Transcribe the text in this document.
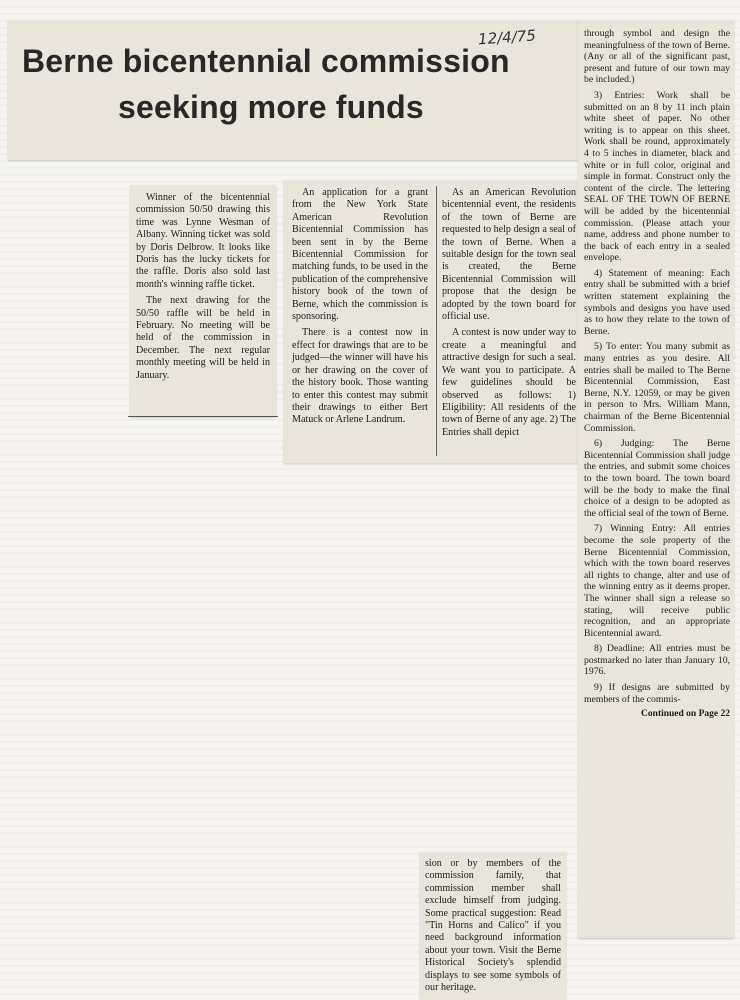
12/4/75
Berne bicentennial commission
seeking more funds

Winner of the bicentennial commission 50/50 drawing this time was Lynne Wesman of Albany. Winning ticket was sold by Doris Delbrow. It looks like Doris has the lucky tickets for the raffle. Doris also sold last month's winning raffle ticket.

The next drawing for the 50/50 raffle will be held in February. No meeting will be held of the commission in December. The next regular monthly meeting will be held in January.

An application for a grant from the New York State American Revolution Bicentennial Commission has been sent in by the Berne Bicentennial Commission for matching funds, to be used in the publication of the comprehensive history book of the town of Berne, which the commission is sponsoring.

There is a contest now in effect for drawings that are to be judged—the winner will have his or her drawing on the cover of the history book. Those wanting to enter this contest may submit their drawings to either Bert Matuck or Arlene Landrum.

As an American Revolution bicentennial event, the residents of the town of Berne are requested to help design a seal of the town of Berne. When a suitable design for the town seal is created, the Berne Bicentennial Commission will propose that the design be adopted by the town board for official use.

A contest is now under way to create a meaningful and attractive design for such a seal. We want you to participate. A few guidelines should be observed as follows: 1) Eligibility: All residents of the town of Berne of any age. 2) The Entries shall depict

sion or by members of the commission family, that commission member shall exclude himself from judging. Some practical suggestion: Read "Tin Horns and Calico" if you need background information about your town. Visit the Berne Historical Society's splendid displays to see some symbols of our heritage.

through symbol and design the meaningfulness of the town of Berne. (Any or all of the significant past, present and future of our town may be included.)

3) Entries: Work shall be submitted on an 8 by 11 inch plain white sheet of paper. No other writing is to appear on this sheet. Work shall be round, approximately 4 to 5 inches in diameter, black and white or in full color, original and simple in format. Construct only the content of the circle. The lettering SEAL OF THE TOWN OF BERNE will be added by the bicentennial commission. (Please attach your name, address and phone number to the back of each entry in a sealed envelope.

4) Statement of meaning: Each entry shall be submitted with a brief written statement explaining the symbols and designs you have used as to how they relate to the town of Berne.

5) To enter: You many submit as many entries as you desire. All entries shall be mailed to The Berne Bicentennial Commission, East Berne, N.Y. 12059, or may be given in person to Mrs. William Mann, chairman of the Berne Bicentennial Commission.

6) Judging: The Berne Bicentennial Commission shall judge the entries, and submit some choices to the town board. The town board will be the body to make the final choice of a design to be adopted as the official seal of the town of Berne.

7) Winning Entry: All entries become the sole property of the Berne Bicentennial Commission, which with the town board reserves all rights to change, alter and use of the winning entry as it deems proper. The winner shall sign a release so stating, will receive public recognition, and an appropriate Bicentennial award.

8) Deadline: All entries must be postmarked no later than January 10, 1976.

9) If designs are submitted by members of the commis-

Continued on Page 22
